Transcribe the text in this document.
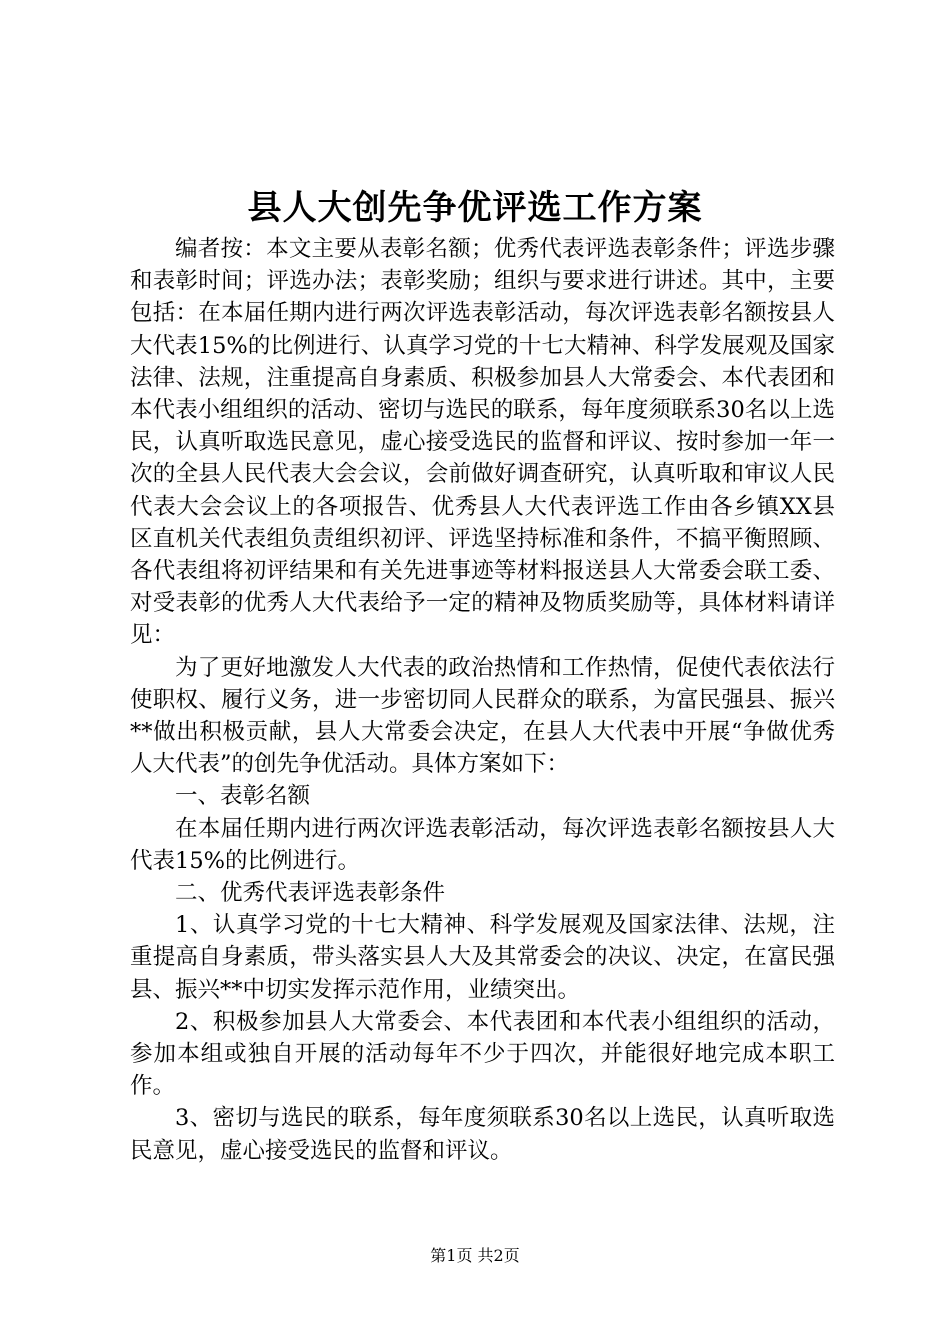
县人大创先争优评选工作方案

编者按：本文主要从表彰名额；优秀代表评选表彰条件；评选步骤和表彰时间；评选办法；表彰奖励；组织与要求进行讲述。其中，主要包括：在本届任期内进行两次评选表彰活动，每次评选表彰名额按县人大代表15%的比例进行、认真学习党的十七大精神、科学发展观及国家法律、法规，注重提高自身素质、积极参加县人大常委会、本代表团和本代表小组组织的活动、密切与选民的联系，每年度须联系30名以上选民，认真听取选民意见，虚心接受选民的监督和评议、按时参加一年一次的全县人民代表大会会议，会前做好调查研究，认真听取和审议人民代表大会会议上的各项报告、优秀县人大代表评选工作由各乡镇XX县区直机关代表组负责组织初评、评选坚持标准和条件，不搞平衡照顾、各代表组将初评结果和有关先进事迹等材料报送县人大常委会联工委、对受表彰的优秀人大代表给予一定的精神及物质奖励等，具体材料请详见：

为了更好地激发人大代表的政治热情和工作热情，促使代表依法行使职权、履行义务，进一步密切同人民群众的联系，为富民强县、振兴**做出积极贡献，县人大常委会决定，在县人大代表中开展“争做优秀人大代表”的创先争优活动。具体方案如下：

一、表彰名额

在本届任期内进行两次评选表彰活动，每次评选表彰名额按县人大代表15%的比例进行。

二、优秀代表评选表彰条件

1、认真学习党的十七大精神、科学发展观及国家法律、法规，注重提高自身素质，带头落实县人大及其常委会的决议、决定，在富民强县、振兴**中切实发挥示范作用，业绩突出。

2、积极参加县人大常委会、本代表团和本代表小组组织的活动，参加本组或独自开展的活动每年不少于四次，并能很好地完成本职工作。

3、密切与选民的联系，每年度须联系30名以上选民，认真听取选民意见，虚心接受选民的监督和评议。

第1页 共2页
